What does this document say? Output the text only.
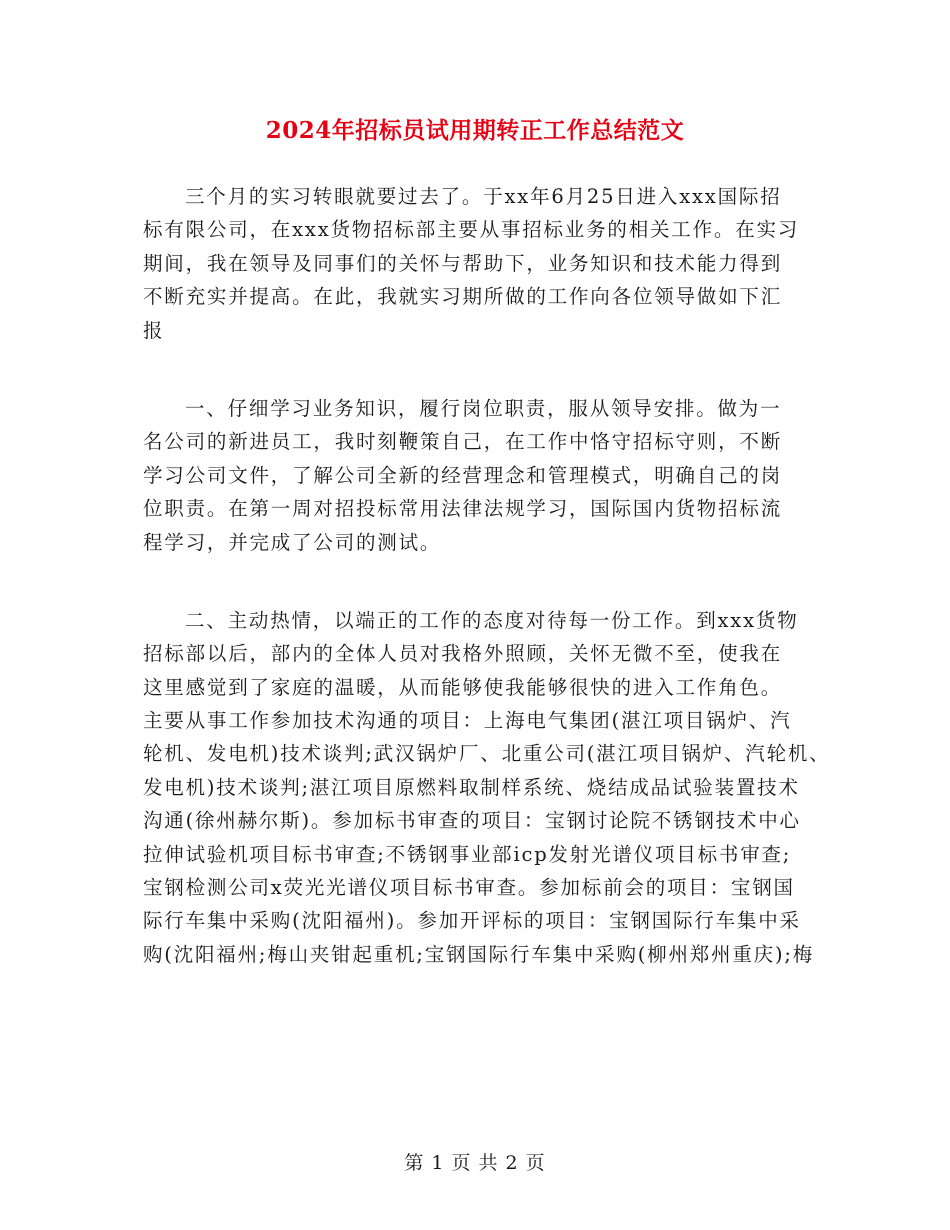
2024年招标员试用期转正工作总结范文
三个月的实习转眼就要过去了。于xx年6月25日进入xxx国际招
标有限公司，在xxx货物招标部主要从事招标业务的相关工作。在实习
期间，我在领导及同事们的关怀与帮助下，业务知识和技术能力得到
不断充实并提高。在此，我就实习期所做的工作向各位领导做如下汇
报
一、仔细学习业务知识，履行岗位职责，服从领导安排。做为一
名公司的新进员工，我时刻鞭策自己，在工作中恪守招标守则，不断
学习公司文件，了解公司全新的经营理念和管理模式，明确自己的岗
位职责。在第一周对招投标常用法律法规学习，国际国内货物招标流
程学习，并完成了公司的测试。
二、主动热情，以端正的工作的态度对待每一份工作。到xxx货物
招标部以后，部内的全体人员对我格外照顾，关怀无微不至，使我在
这里感觉到了家庭的温暖，从而能够使我能够很快的进入工作角色。
主要从事工作参加技术沟通的项目：上海电气集团(湛江项目锅炉、汽
轮机、发电机)技术谈判;武汉锅炉厂、北重公司(湛江项目锅炉、汽轮机、
发电机)技术谈判;湛江项目原燃料取制样系统、烧结成品试验装置技术
沟通(徐州赫尔斯)。参加标书审查的项目：宝钢讨论院不锈钢技术中心
拉伸试验机项目标书审查;不锈钢事业部icp发射光谱仪项目标书审查;
宝钢检测公司x荧光光谱仪项目标书审查。参加标前会的项目：宝钢国
际行车集中采购(沈阳福州)。参加开评标的项目：宝钢国际行车集中采
购(沈阳福州;梅山夹钳起重机;宝钢国际行车集中采购(柳州郑州重庆);梅
第 1 页 共 2 页
